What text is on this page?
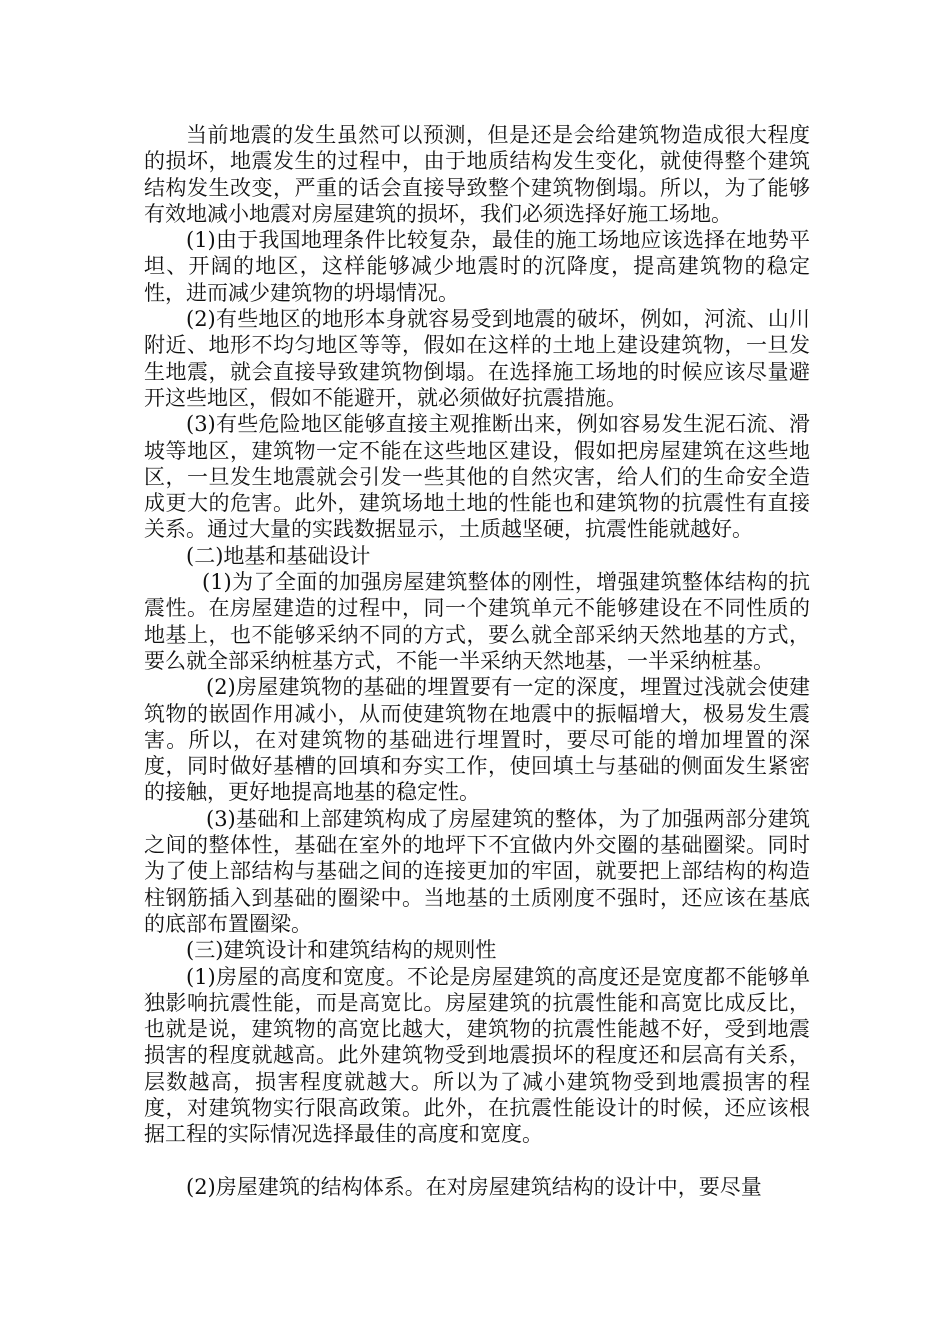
当前地震的发生虽然可以预测，但是还是会给建筑物造成很大程度的损坏，地震发生的过程中，由于地质结构发生变化，就使得整个建筑结构发生改变，严重的话会直接导致整个建筑物倒塌。所以，为了能够有效地减小地震对房屋建筑的损坏，我们必须选择好施工场地。

(1)由于我国地理条件比较复杂，最佳的施工场地应该选择在地势平坦、开阔的地区，这样能够减少地震时的沉降度，提高建筑物的稳定性，进而减少建筑物的坍塌情况。

(2)有些地区的地形本身就容易受到地震的破坏，例如，河流、山川附近、地形不均匀地区等等，假如在这样的土地上建设建筑物，一旦发生地震，就会直接导致建筑物倒塌。在选择施工场地的时候应该尽量避开这些地区，假如不能避开，就必须做好抗震措施。

(3)有些危险地区能够直接主观推断出来，例如容易发生泥石流、滑坡等地区，建筑物一定不能在这些地区建设，假如把房屋建筑在这些地区，一旦发生地震就会引发一些其他的自然灾害，给人们的生命安全造成更大的危害。此外，建筑场地土地的性能也和建筑物的抗震性有直接关系。通过大量的实践数据显示，土质越坚硬，抗震性能就越好。

(二)地基和基础设计

(1)为了全面的加强房屋建筑整体的刚性，增强建筑整体结构的抗震性。在房屋建造的过程中，同一个建筑单元不能够建设在不同性质的地基上，也不能够采纳不同的方式，要么就全部采纳天然地基的方式，要么就全部采纳桩基方式，不能一半采纳天然地基，一半采纳桩基。

(2)房屋建筑物的基础的埋置要有一定的深度，埋置过浅就会使建筑物的嵌固作用减小，从而使建筑物在地震中的振幅增大，极易发生震害。所以，在对建筑物的基础进行埋置时，要尽可能的增加埋置的深度，同时做好基槽的回填和夯实工作，使回填土与基础的侧面发生紧密的接触，更好地提高地基的稳定性。

(3)基础和上部建筑构成了房屋建筑的整体，为了加强两部分建筑之间的整体性，基础在室外的地坪下不宜做内外交圈的基础圈梁。同时为了使上部结构与基础之间的连接更加的牢固，就要把上部结构的构造柱钢筋插入到基础的圈梁中。当地基的土质刚度不强时，还应该在基底的底部布置圈梁。

(三)建筑设计和建筑结构的规则性

(1)房屋的高度和宽度。不论是房屋建筑的高度还是宽度都不能够单独影响抗震性能，而是高宽比。房屋建筑的抗震性能和高宽比成反比，也就是说，建筑物的高宽比越大，建筑物的抗震性能越不好，受到地震损害的程度就越高。此外建筑物受到地震损坏的程度还和层高有关系，层数越高，损害程度就越大。所以为了减小建筑物受到地震损害的程度，对建筑物实行限高政策。此外，在抗震性能设计的时候，还应该根据工程的实际情况选择最佳的高度和宽度。

(2)房屋建筑的结构体系。在对房屋建筑结构的设计中，要尽量
